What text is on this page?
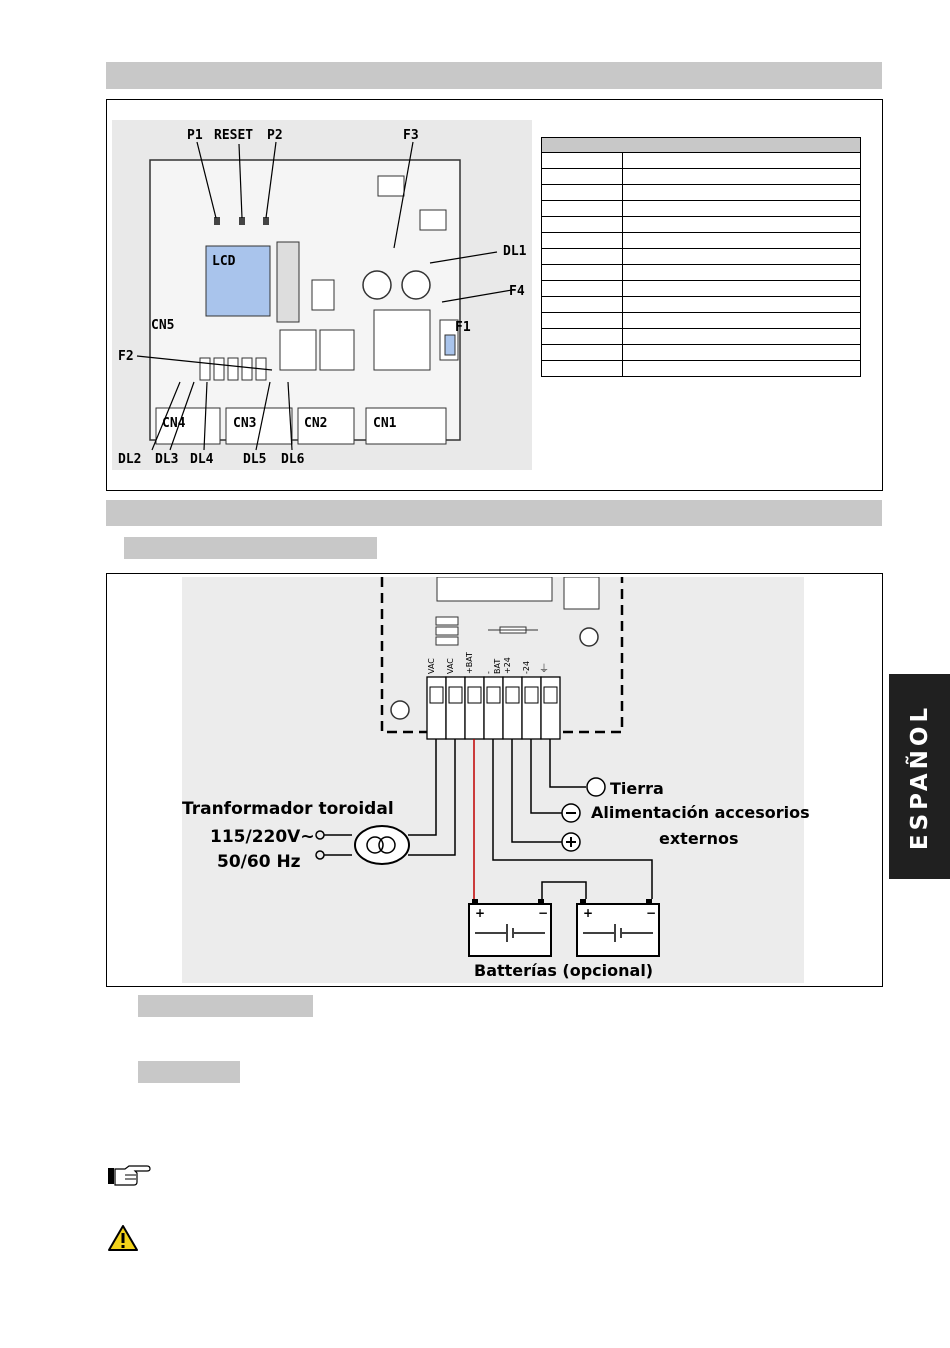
P1 RESET P2	F3
LCD
DL1
F4
F1
CN5
F2
CN4	CN3	CN2	CN1
DL2 DL3 DL4 DL5 DL6

+	−	+	−
VAC VAC +BAT -BAT +24 -24 ⏚
Tierra
Alimentación accesorios
externos
Tranformador toroidal
115/220V~
50/60 Hz
Batterías (opcional)
ESPAÑOL
